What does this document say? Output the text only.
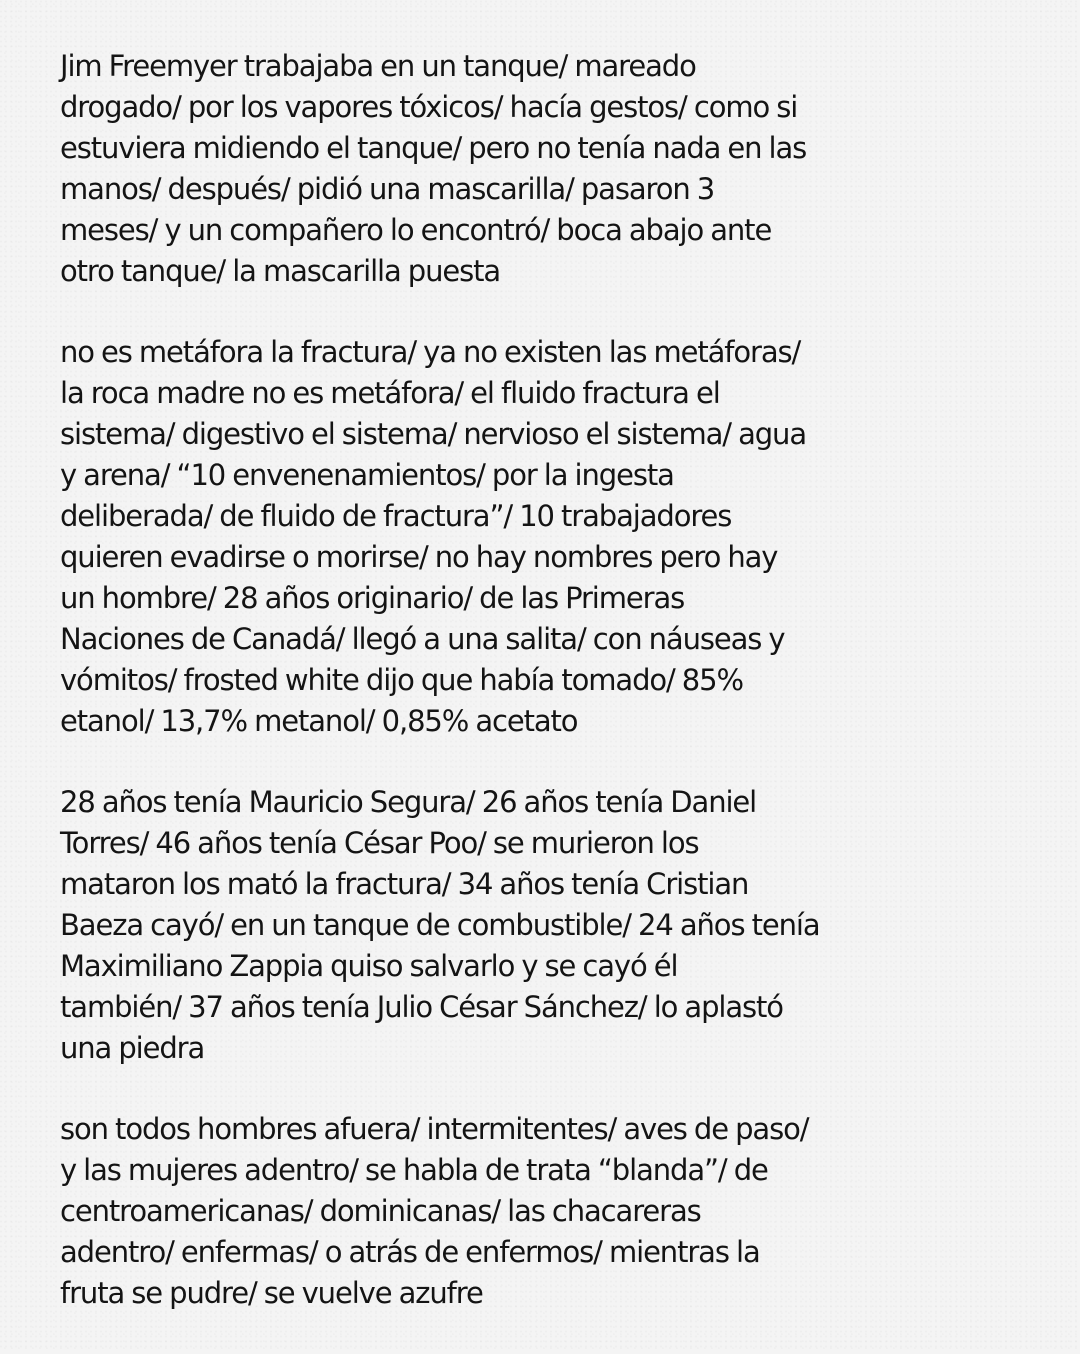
Jim Freemyer trabajaba en un tanque/ mareado
drogado/ por los vapores tóxicos/ hacía gestos/ como si
estuviera midiendo el tanque/ pero no tenía nada en las
manos/ después/ pidió una mascarilla/ pasaron 3
meses/ y un compañero lo encontró/ boca abajo ante
otro tanque/ la mascarilla puesta
no es metáfora la fractura/ ya no existen las metáforas/
la roca madre no es metáfora/ el fluido fractura el
sistema/ digestivo el sistema/ nervioso el sistema/ agua
y arena/ “10 envenenamientos/ por la ingesta
deliberada/ de fluido de fractura”/ 10 trabajadores
quieren evadirse o morirse/ no hay nombres pero hay
un hombre/ 28 años originario/ de las Primeras
Naciones de Canadá/ llegó a una salita/ con náuseas y
vómitos/ frosted white dijo que había tomado/ 85%
etanol/ 13,7% metanol/ 0,85% acetato
28 años tenía Mauricio Segura/ 26 años tenía Daniel
Torres/ 46 años tenía César Poo/ se murieron los
mataron los mató la fractura/ 34 años tenía Cristian
Baeza cayó/ en un tanque de combustible/ 24 años tenía
Maximiliano Zappia quiso salvarlo y se cayó él
también/ 37 años tenía Julio César Sánchez/ lo aplastó
una piedra
son todos hombres afuera/ intermitentes/ aves de paso/
y las mujeres adentro/ se habla de trata “blanda”/ de
centroamericanas/ dominicanas/ las chacareras
adentro/ enfermas/ o atrás de enfermos/ mientras la
fruta se pudre/ se vuelve azufre
